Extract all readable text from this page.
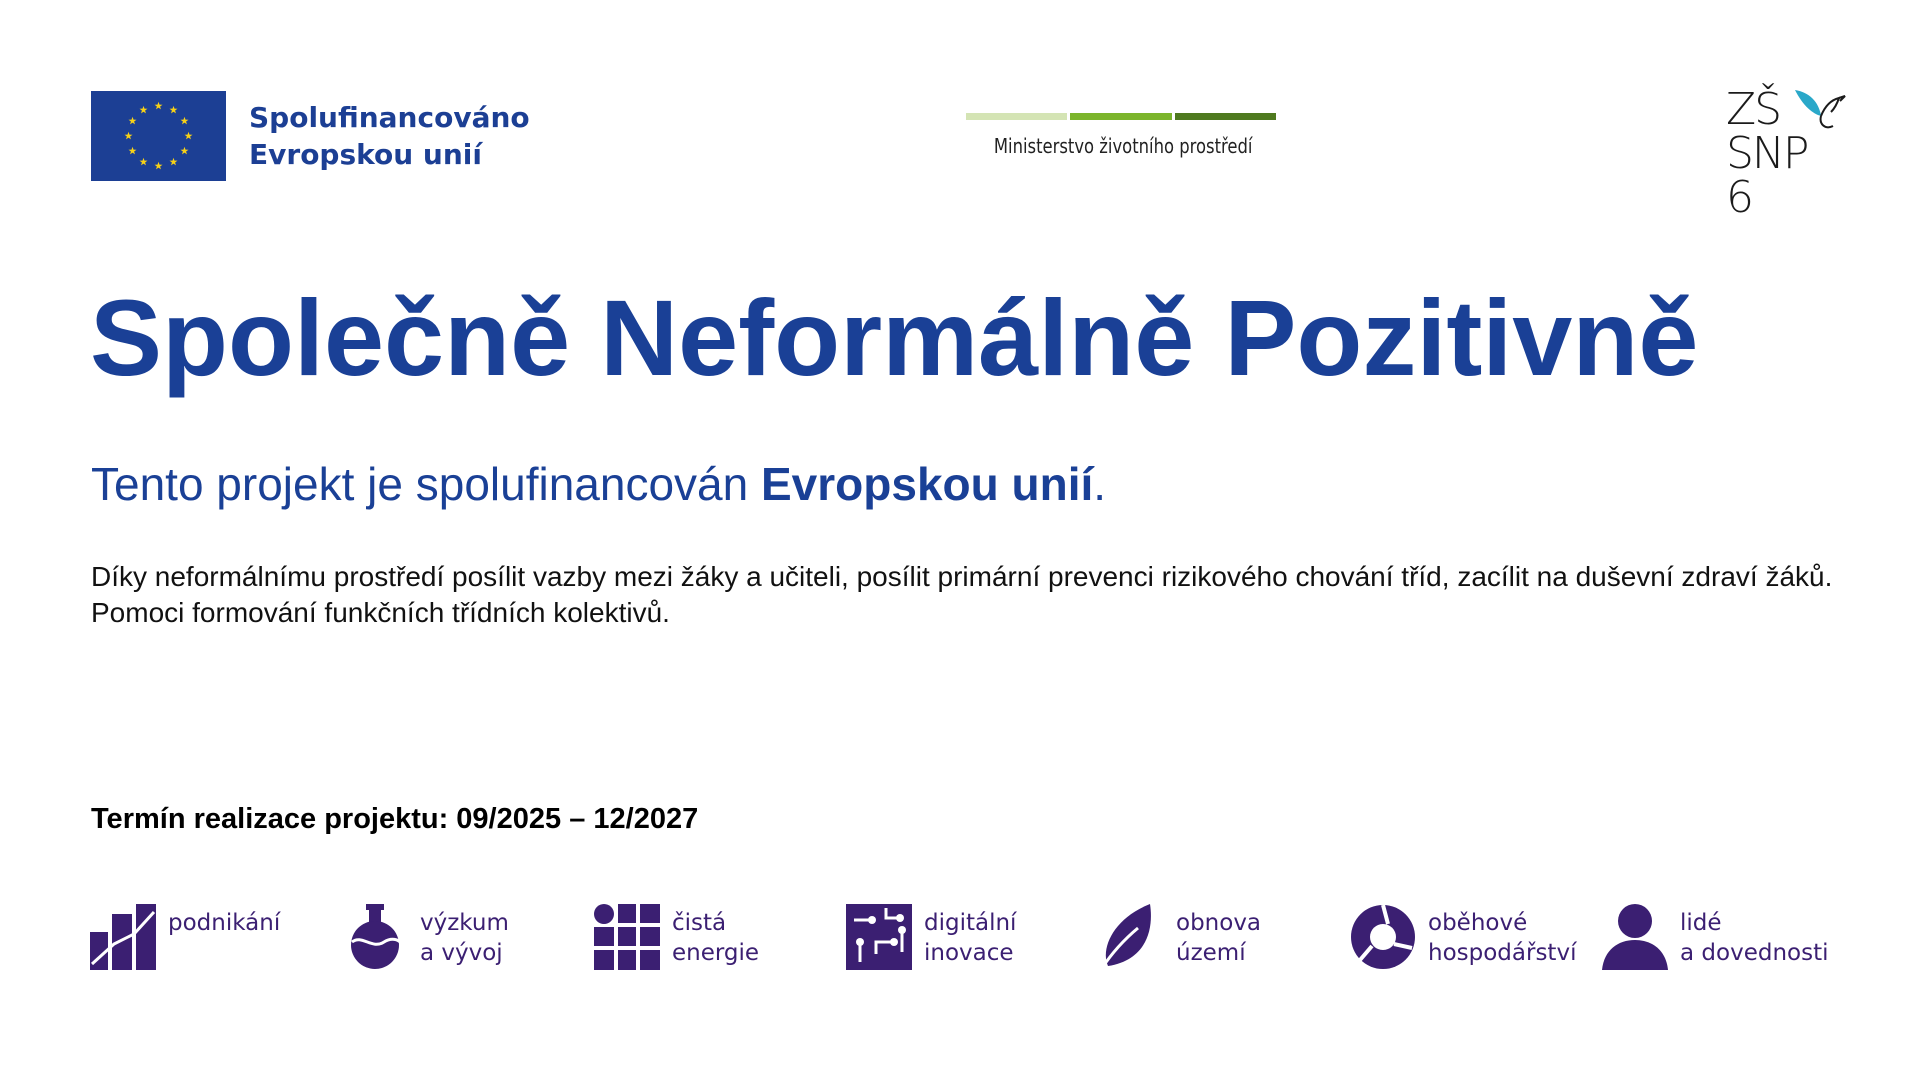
Spolufinancováno
Evropskou unií	Ministerstvo životního prostředí
ZŠ
SNP 6
Společně Neformálně Pozitivně

Tento projekt je spolufinancován Evropskou unií.

Díky neformálnímu prostředí posílit vazby mezi žáky a učiteli, posílit primární prevenci rizikového chování tříd, zacílit na duševní zdraví žáků. Pomoci formování funkčních třídních kolektivů.

Termín realizace projektu: 09/2025 – 12/2027

podnikání	výzkum
a vývoj
čistá
energie
digitální
inovace
obnova
území
oběhové
hospodářství
lidé
a dovednosti
